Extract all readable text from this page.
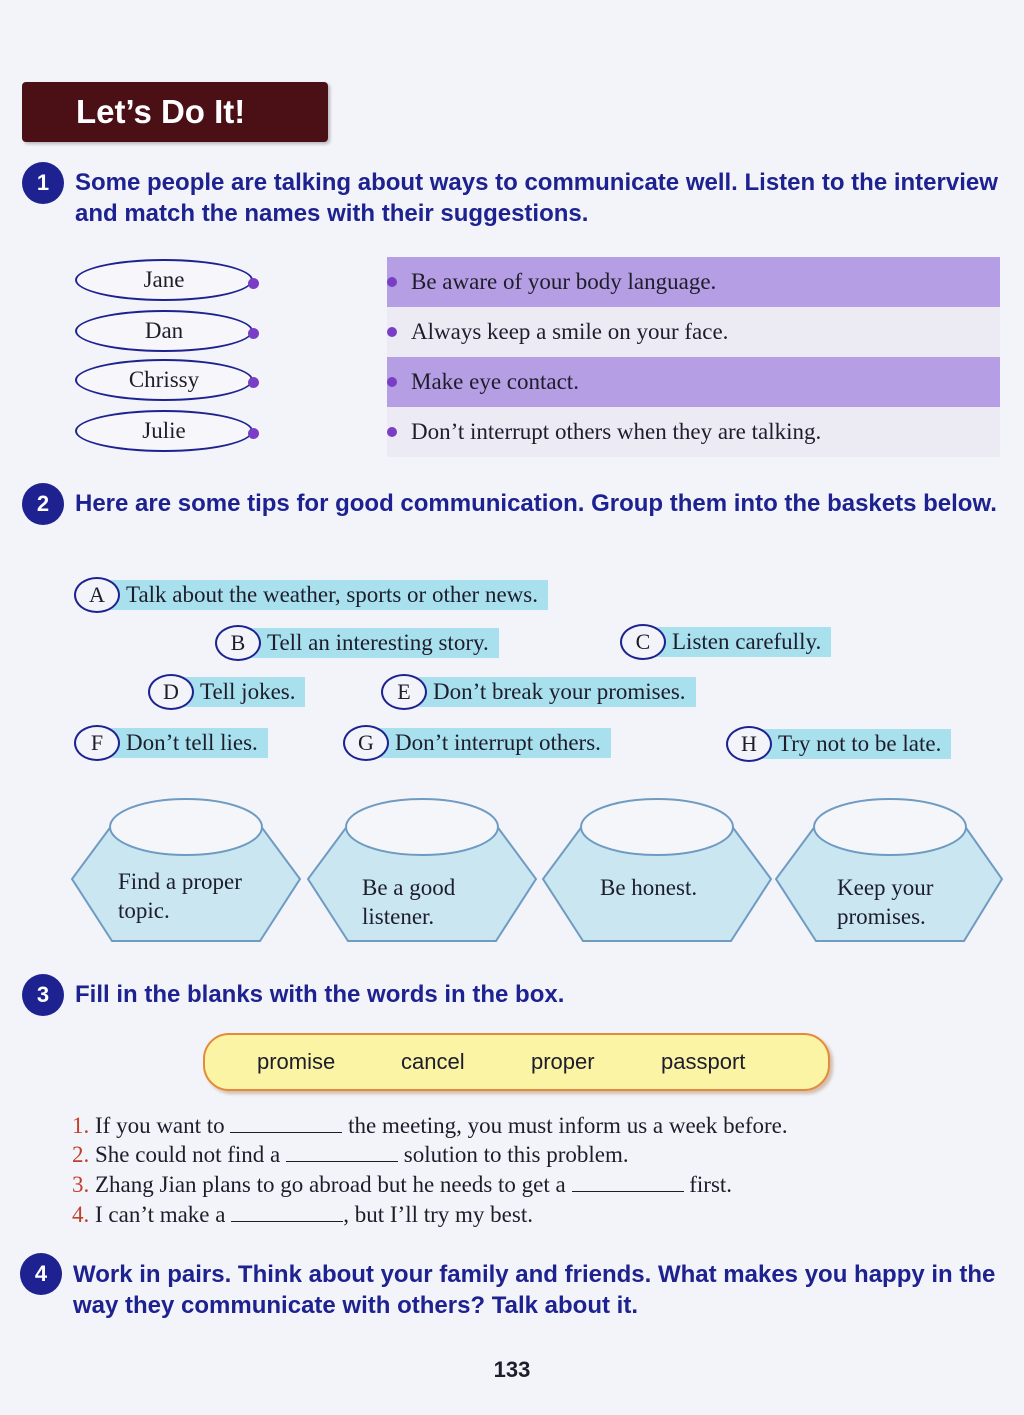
Let’s Do It!
1	Some people are talking about ways to communicate well. Listen to the interview and match the names with their suggestions.
Jane
Dan
Chrissy
Julie
Be aware of your body language.
Always keep a smile on your face.
Make eye contact.
Don’t interrupt others when they are talking.
2	Here are some tips for good communication. Group them into the baskets below.
A Talk about the weather, sports or other news.
B Tell an interesting story.	C Listen carefully.
D Tell jokes.	E Don’t break your promises.
F Don’t tell lies.	G Don’t interrupt others.	H Try not to be late.
Find a proper
topic.
Be a good
listener.
Be honest.	Keep your
promises.
3	Fill in the blanks with the words in the box.
promise	cancel	proper	passport
1. If you want to	the meeting, you must inform us a week before.
2. She could not find a	solution to this problem.
3. Zhang Jian plans to go abroad but he needs to get a	first.
4. I can’t make a	, but I’ll try my best.
4	Work in pairs. Think about your family and friends. What makes you happy in the way they communicate with others? Talk about it.
133
